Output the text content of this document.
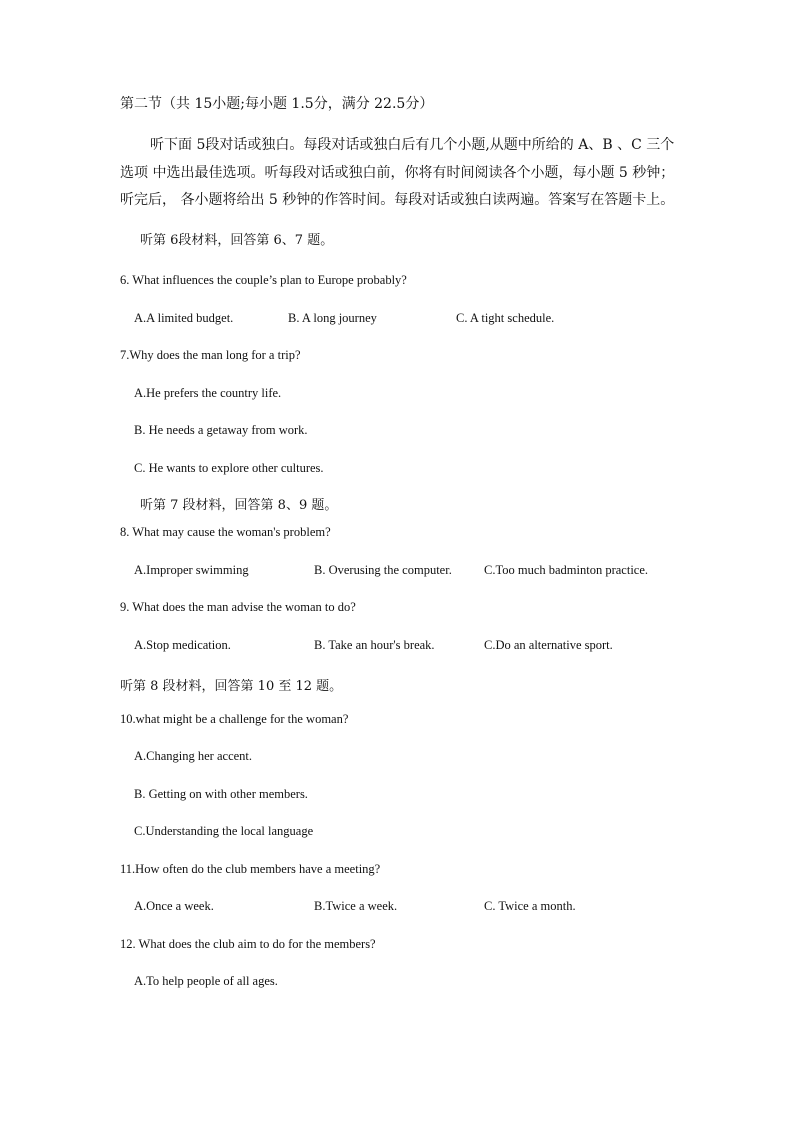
第二节（共 15小题;每小题 1.5分，满分 22.5分）
听下面 5段对话或独白。每段对话或独白后有几个小题,从题中所给的 A、B 、C 三个
选项 中选出最佳选项。听每段对话或独白前，你将有时间阅读各个小题，每小题 5 秒钟；
听完后， 各小题将给出 5 秒钟的作答时间。每段对话或独白读两遍。答案写在答题卡上。
听第 6段材料，回答第 6、7 题。
6. What influences the couple’s plan to Europe probably?
A.A limited budget.	B. A long journey	C. A tight schedule.
7.Why does the man long for a trip?
A.He prefers the country life.
B. He needs a getaway from work.
C. He wants to explore other cultures.
听第 7 段材料，回答第 8、9 题。
8. What may cause the woman's problem?
A.Improper swimming	B. Overusing the computer.	C.Too much badminton practice.
9. What does the man advise the woman to do?
A.Stop medication.	B. Take an hour's break.	C.Do an alternative sport.
听第 8 段材料，回答第 10 至 12 题。
10.what might be a challenge for the woman?
A.Changing her accent.
B. Getting on with other members.
C.Understanding the local language
11.How often do the club members have a meeting?
A.Once a week.	B.Twice a week.	C. Twice a month.
12. What does the club aim to do for the members?
A.To help people of all ages.
